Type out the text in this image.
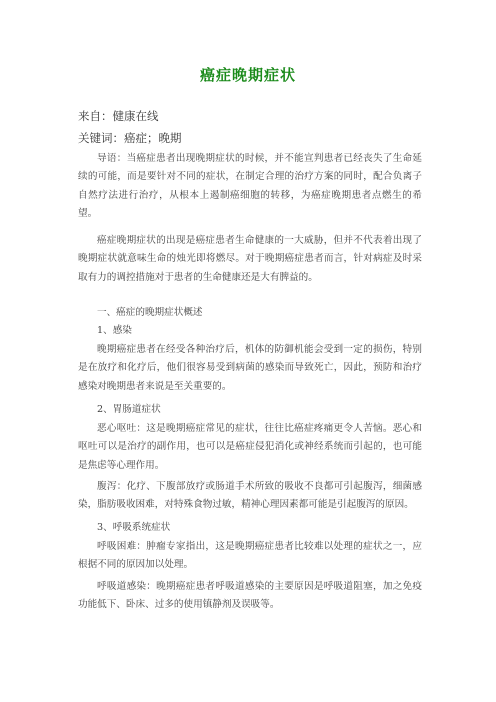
癌症晚期症状
来自：健康在线
关键词：癌症；晚期
导语：当癌症患者出现晚期症状的时候，并不能宣判患者已经丧失了生命延续的可能，而是要针对不同的症状，在制定合理的治疗方案的同时，配合负离子自然疗法进行治疗，从根本上遏制癌细胞的转移，为癌症晚期患者点燃生的希望。
癌症晚期症状的出现是癌症患者生命健康的一大威胁，但并不代表着出现了晚期症状就意味生命的烛光即将燃尽。对于晚期癌症患者而言，针对病症及时采取有力的调控措施对于患者的生命健康还是大有脾益的。
一、癌症的晚期症状概述
1、感染
晚期癌症患者在经受各种治疗后，机体的防御机能会受到一定的损伤，特别是在放疗和化疗后，他们很容易受到病菌的感染而导致死亡，因此，预防和治疗感染对晚期患者来说是至关重要的。
2、胃肠道症状
恶心呕吐：这是晚期癌症常见的症状，往往比癌症疼痛更令人苦恼。恶心和呕吐可以是治疗的副作用，也可以是癌症侵犯消化或神经系统而引起的，也可能是焦虑等心理作用。
腹泻：化疗、下腹部放疗或肠道手术所致的吸收不良都可引起腹泻，细菌感染，脂肪吸收困难，对特殊食物过敏，精神心理因素都可能是引起腹泻的原因。
3、呼吸系统症状
呼吸困难：肿瘤专家指出，这是晚期癌症患者比较难以处理的症状之一，应根据不同的原因加以处理。
呼吸道感染：晚期癌症患者呼吸道感染的主要原因是呼吸道阻塞，加之免疫功能低下、卧床、过多的使用镇静剂及误吸等。
